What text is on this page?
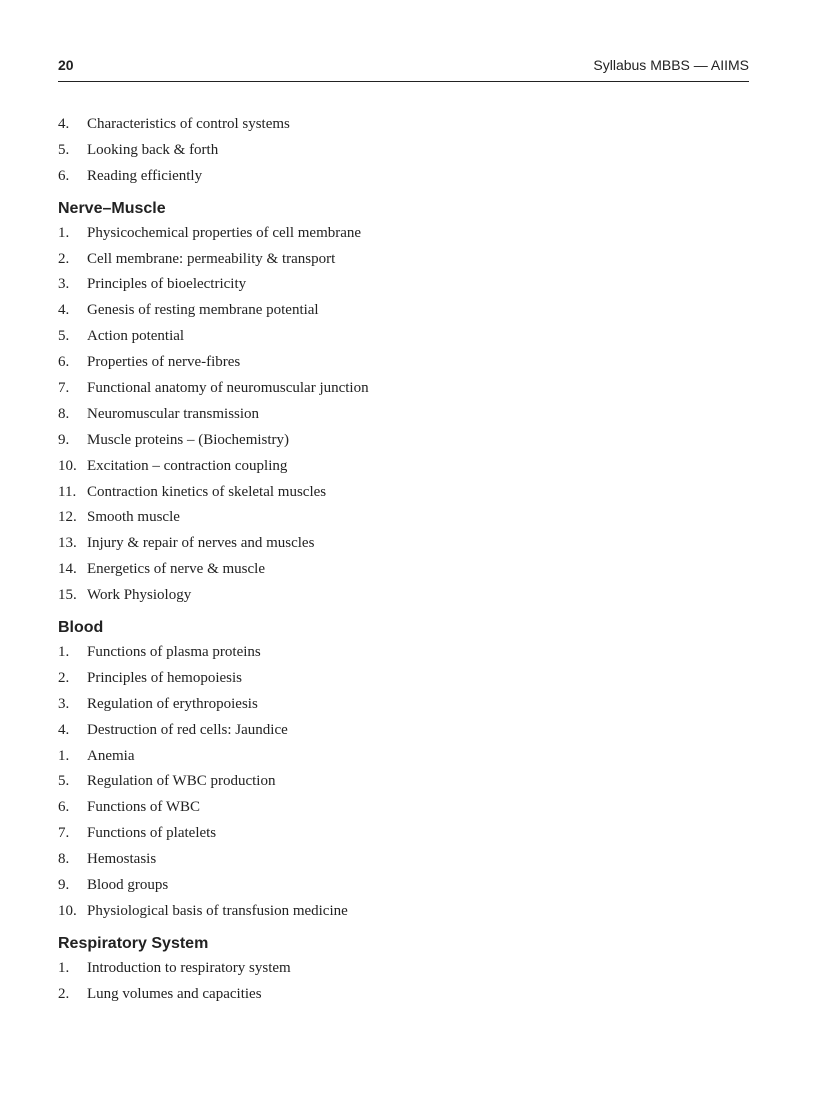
20	Syllabus MBBS — AIIMS
4.	Characteristics of control systems
5.	Looking back & forth
6.	Reading efficiently
Nerve–Muscle
1.	Physicochemical properties of cell membrane
2.	Cell membrane: permeability & transport
3.	Principles of bioelectricity
4.	Genesis of resting membrane potential
5.	Action potential
6.	Properties of nerve-fibres
7.	Functional anatomy of neuromuscular junction
8.	Neuromuscular transmission
9.	Muscle proteins – (Biochemistry)
10. Excitation – contraction coupling
11. Contraction kinetics of skeletal muscles
12. Smooth muscle
13. Injury & repair of nerves and muscles
14. Energetics of nerve & muscle
15. Work Physiology
Blood
1.	Functions of plasma proteins
2.	Principles of hemopoiesis
3.	Regulation of erythropoiesis
4.	Destruction of red cells: Jaundice
1.	Anemia
5.	Regulation of WBC production
6.	Functions of WBC
7.	Functions of platelets
8.	Hemostasis
9.	Blood groups
10. Physiological basis of transfusion medicine
Respiratory System
1.	Introduction to respiratory system
2.	Lung volumes and capacities
